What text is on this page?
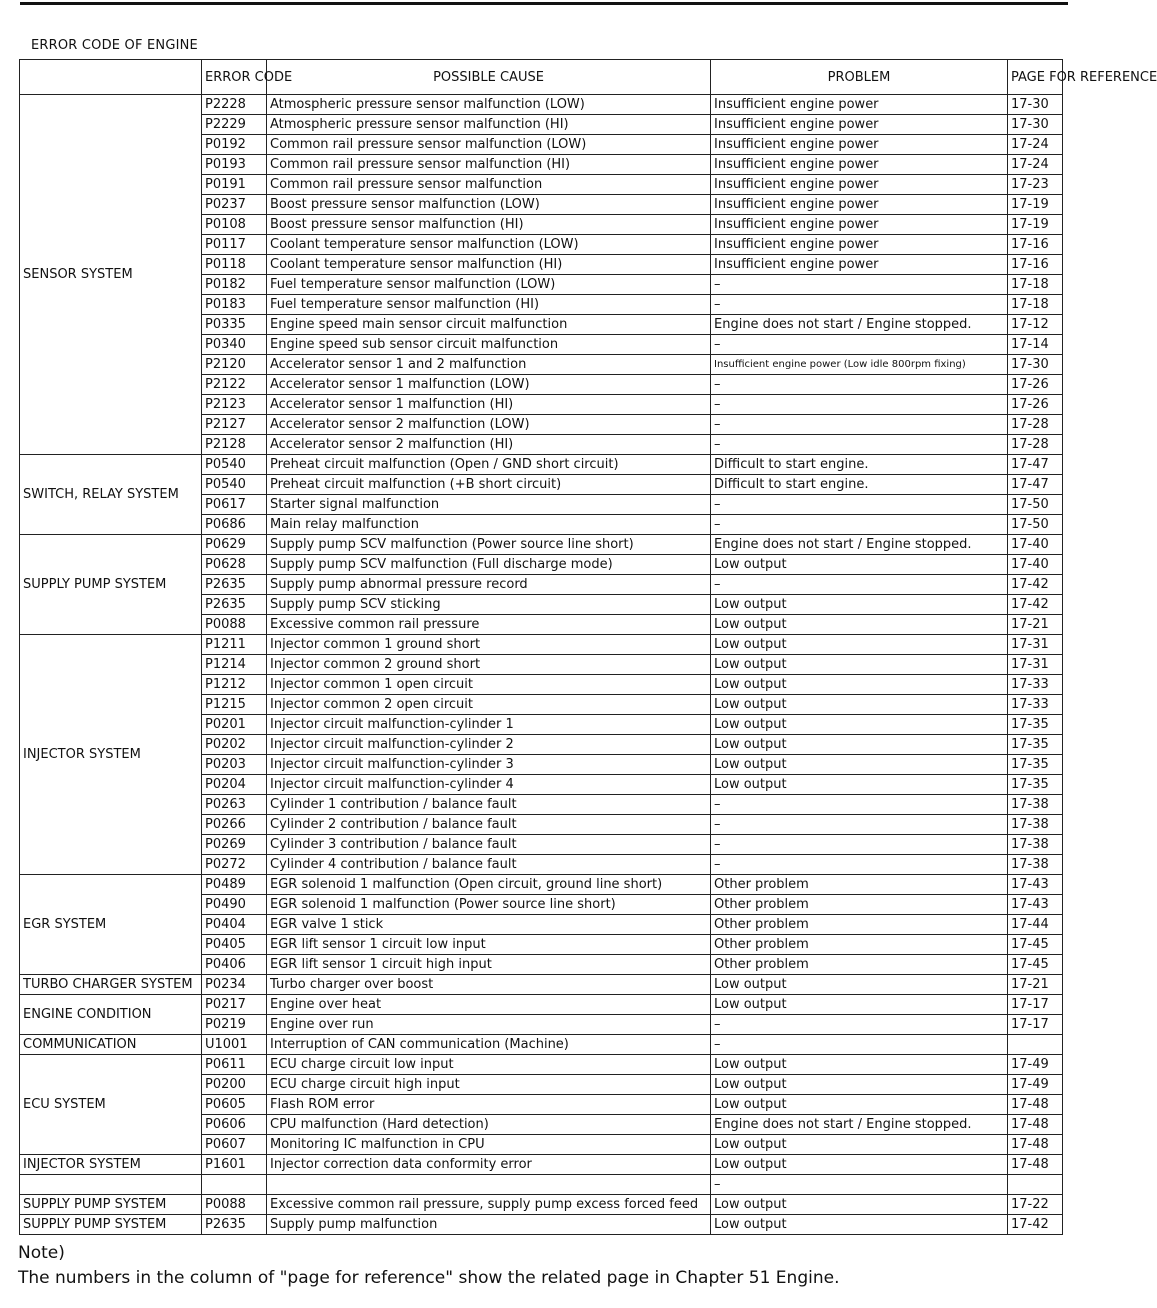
ERROR CODE OF ENGINE
	ERROR CODE	POSSIBLE CAUSE	PROBLEM	PAGE FOR REFERENCE
SENSOR SYSTEM	P2228	Atmospheric pressure sensor malfunction (LOW)	Insufficient engine power	17-30
	P2229	Atmospheric pressure sensor malfunction (HI)	Insufficient engine power	17-30
	P0192	Common rail pressure sensor malfunction (LOW)	Insufficient engine power	17-24
	P0193	Common rail pressure sensor malfunction (HI)	Insufficient engine power	17-24
	P0191	Common rail pressure sensor malfunction	Insufficient engine power	17-23
	P0237	Boost pressure sensor malfunction (LOW)	Insufficient engine power	17-19
	P0108	Boost pressure sensor malfunction (HI)	Insufficient engine power	17-19
	P0117	Coolant temperature sensor malfunction (LOW)	Insufficient engine power	17-16
	P0118	Coolant temperature sensor malfunction (HI)	Insufficient engine power	17-16
	P0182	Fuel temperature sensor malfunction (LOW)	–	17-18
	P0183	Fuel temperature sensor malfunction (HI)	–	17-18
	P0335	Engine speed main sensor circuit malfunction	Engine does not start / Engine stopped.	17-12
	P0340	Engine speed sub sensor circuit malfunction	–	17-14
	P2120	Accelerator sensor 1 and 2 malfunction	Insufficient engine power (Low idle 800rpm fixing)	17-30
	P2122	Accelerator sensor 1 malfunction (LOW)	–	17-26
	P2123	Accelerator sensor 1 malfunction (HI)	–	17-26
	P2127	Accelerator sensor 2 malfunction (LOW)	–	17-28
	P2128	Accelerator sensor 2 malfunction (HI)	–	17-28
SWITCH, RELAY SYSTEM	P0540	Preheat circuit malfunction (Open / GND short circuit)	Difficult to start engine.	17-47
	P0540	Preheat circuit malfunction (+B short circuit)	Difficult to start engine.	17-47
	P0617	Starter signal malfunction	–	17-50
	P0686	Main relay malfunction	–	17-50
SUPPLY PUMP SYSTEM	P0629	Supply pump SCV malfunction (Power source line short)	Engine does not start / Engine stopped.	17-40
	P0628	Supply pump SCV malfunction (Full discharge mode)	Low output	17-40
	P2635	Supply pump abnormal pressure record	–	17-42
	P2635	Supply pump SCV sticking	Low output	17-42
	P0088	Excessive common rail pressure	Low output	17-21
INJECTOR SYSTEM	P1211	Injector common 1 ground short	Low output	17-31
	P1214	Injector common 2 ground short	Low output	17-31
	P1212	Injector common 1 open circuit	Low output	17-33
	P1215	Injector common 2 open circuit	Low output	17-33
	P0201	Injector circuit malfunction-cylinder 1	Low output	17-35
	P0202	Injector circuit malfunction-cylinder 2	Low output	17-35
	P0203	Injector circuit malfunction-cylinder 3	Low output	17-35
	P0204	Injector circuit malfunction-cylinder 4	Low output	17-35
	P0263	Cylinder 1 contribution / balance fault	–	17-38
	P0266	Cylinder 2 contribution / balance fault	–	17-38
	P0269	Cylinder 3 contribution / balance fault	–	17-38
	P0272	Cylinder 4 contribution / balance fault	–	17-38
EGR SYSTEM	P0489	EGR solenoid 1 malfunction (Open circuit, ground line short)	Other problem	17-43
	P0490	EGR solenoid 1 malfunction (Power source line short)	Other problem	17-43
	P0404	EGR valve 1 stick	Other problem	17-44
	P0405	EGR lift sensor 1 circuit low input	Other problem	17-45
	P0406	EGR lift sensor 1 circuit high input	Other problem	17-45
TURBO CHARGER SYSTEM	P0234	Turbo charger over boost	Low output	17-21
ENGINE CONDITION	P0217	Engine over heat	Low output	17-17
	P0219	Engine over run	–	17-17
COMMUNICATION	U1001	Interruption of CAN communication (Machine)	–	
ECU SYSTEM	P0611	ECU charge circuit low input	Low output	17-49
	P0200	ECU charge circuit high input	Low output	17-49
	P0605	Flash ROM error	Low output	17-48
	P0606	CPU malfunction (Hard detection)	Engine does not start / Engine stopped.	17-48
	P0607	Monitoring IC malfunction in CPU	Low output	17-48
INJECTOR SYSTEM	P1601	Injector correction data conformity error	Low output	17-48
			–	
SUPPLY PUMP SYSTEM	P0088	Excessive common rail pressure, supply pump excess forced feed	Low output	17-22
SUPPLY PUMP SYSTEM	P2635	Supply pump malfunction	Low output	17-42
Note)
The numbers in the column of "page for reference" show the related page in Chapter 51 Engine.
